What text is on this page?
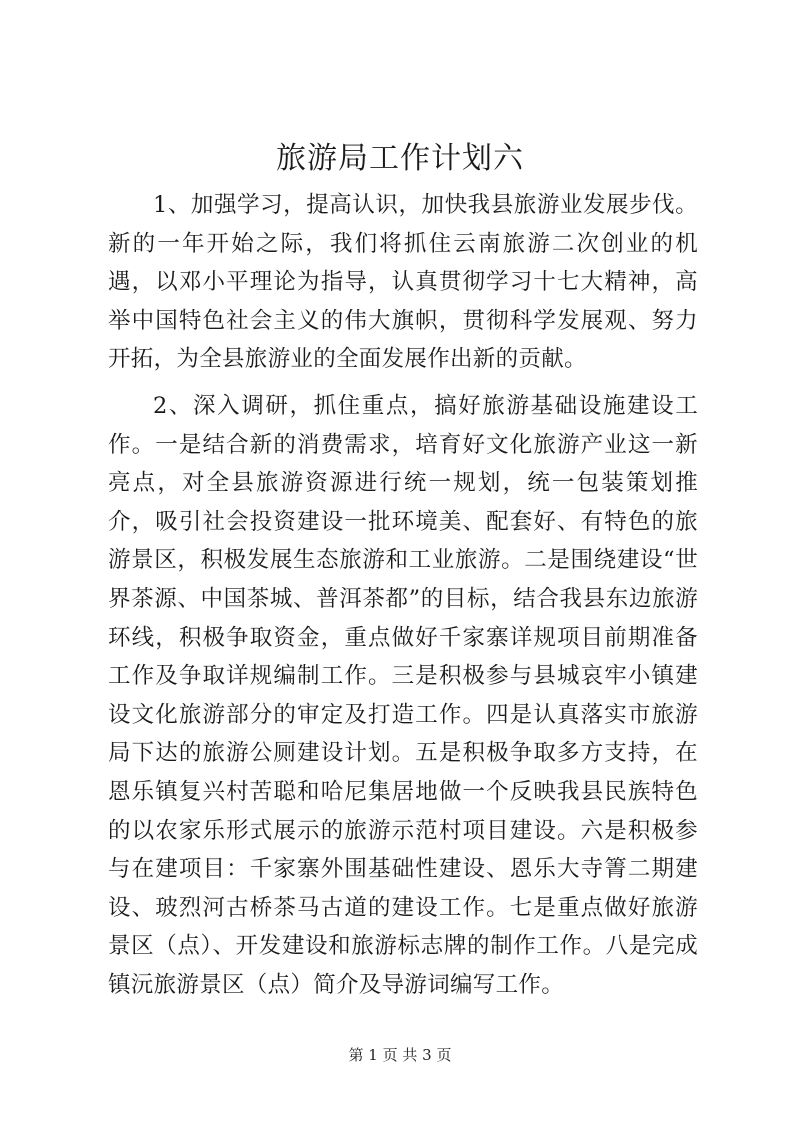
旅游局工作计划六

1、加强学习，提高认识，加快我县旅游业发展步伐。新的一年开始之际，我们将抓住云南旅游二次创业的机遇，以邓小平理论为指导，认真贯彻学习十七大精神，高举中国特色社会主义的伟大旗帜，贯彻科学发展观、努力开拓，为全县旅游业的全面发展作出新的贡献。

2、深入调研，抓住重点，搞好旅游基础设施建设工作。一是结合新的消费需求，培育好文化旅游产业这一新亮点，对全县旅游资源进行统一规划，统一包装策划推介，吸引社会投资建设一批环境美、配套好、有特色的旅游景区，积极发展生态旅游和工业旅游。二是围绕建设“世界茶源、中国茶城、普洱茶都”的目标，结合我县东边旅游环线，积极争取资金，重点做好千家寨详规项目前期准备工作及争取详规编制工作。三是积极参与县城哀牢小镇建设文化旅游部分的审定及打造工作。四是认真落实市旅游局下达的旅游公厕建设计划。五是积极争取多方支持，在恩乐镇复兴村苦聪和哈尼集居地做一个反映我县民族特色的以农家乐形式展示的旅游示范村项目建设。六是积极参与在建项目：千家寨外围基础性建设、恩乐大寺箐二期建设、玻烈河古桥茶马古道的建设工作。七是重点做好旅游景区（点）、开发建设和旅游标志牌的制作工作。八是完成镇沅旅游景区（点）简介及导游词编写工作。

第 1 页 共 3 页
